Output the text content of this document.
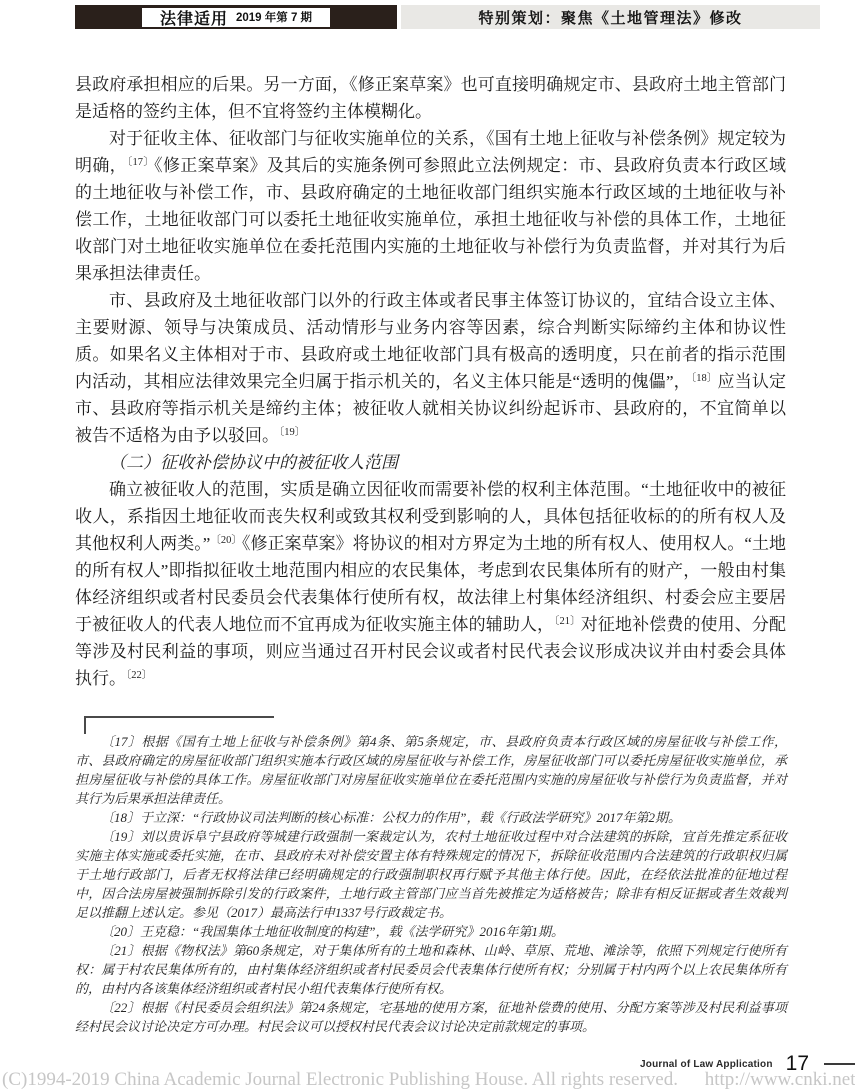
法律适用 2019 年第 7 期	特别策划：聚焦《土地管理法》修改

县政府承担相应的后果。另一方面，《修正案草案》也可直接明确规定市、县政府土地主管部门是适格的签约主体，但不宜将签约主体模糊化。

对于征收主体、征收部门与征收实施单位的关系，《国有土地上征收与补偿条例》规定较为明确，$^{〔17〕}$《修正案草案》及其后的实施条例可参照此立法例规定：市、县政府负责本行政区域的土地征收与补偿工作，市、县政府确定的土地征收部门组织实施本行政区域的土地征收与补偿工作，土地征收部门可以委托土地征收实施单位，承担土地征收与补偿的具体工作，土地征收部门对土地征收实施单位在委托范围内实施的土地征收与补偿行为负责监督，并对其行为后果承担法律责任。

市、县政府及土地征收部门以外的行政主体或者民事主体签订协议的，宜结合设立主体、主要财源、领导与决策成员、活动情形与业务内容等因素，综合判断实际缔约主体和协议性质。如果名义主体相对于市、县政府或土地征收部门具有极高的透明度，只在前者的指示范围内活动，其相应法律效果完全归属于指示机关的，名义主体只能是“透明的傀儡”，$^{〔18〕}$应当认定市、县政府等指示机关是缔约主体；被征收人就相关协议纠纷起诉市、县政府的，不宜简单以被告不适格为由予以驳回。$^{〔19〕}$

（二）征收补偿协议中的被征收人范围

确立被征收人的范围，实质是确立因征收而需要补偿的权利主体范围。“土地征收中的被征收人，系指因土地征收而丧失权利或致其权利受到影响的人，具体包括征收标的的所有权人及其他权利人两类。”$^{〔20〕}$《修正案草案》将协议的相对方界定为土地的所有权人、使用权人。“土地的所有权人”即指拟征收土地范围内相应的农民集体，考虑到农民集体所有的财产，一般由村集体经济组织或者村民委员会代表集体行使所有权，故法律上村集体经济组织、村委会应主要居于被征收人的代表人地位而不宜再成为征收实施主体的辅助人，$^{〔21〕}$对征地补偿费的使用、分配等涉及村民利益的事项，则应当通过召开村民会议或者村民代表会议形成决议并由村委会具体执行。$^{〔22〕}$

〔17〕根据《国有土地上征收与补偿条例》第4条、第5条规定，市、县政府负责本行政区域的房屋征收与补偿工作，市、县政府确定的房屋征收部门组织实施本行政区域的房屋征收与补偿工作，房屋征收部门可以委托房屋征收实施单位，承担房屋征收与补偿的具体工作。房屋征收部门对房屋征收实施单位在委托范围内实施的房屋征收与补偿行为负责监督，并对其行为后果承担法律责任。

〔18〕于立深：“行政协议司法判断的核心标准：公权力的作用”，载《行政法学研究》2017年第2期。

〔19〕刘以贵诉阜宁县政府等城建行政强制一案裁定认为，农村土地征收过程中对合法建筑的拆除，宜首先推定系征收实施主体实施或委托实施，在市、县政府未对补偿安置主体有特殊规定的情况下，拆除征收范围内合法建筑的行政职权归属于土地行政部门，后者无权将法律已经明确规定的行政强制职权再行赋予其他主体行使。因此，在经依法批准的征地过程中，因合法房屋被强制拆除引发的行政案件，土地行政主管部门应当首先被推定为适格被告；除非有相反证据或者生效裁判足以推翻上述认定。参见（2017）最高法行申1337号行政裁定书。

〔20〕王克稳：“我国集体土地征收制度的构建”，载《法学研究》2016年第1期。

〔21〕根据《物权法》第60条规定，对于集体所有的土地和森林、山岭、草原、荒地、滩涂等，依照下列规定行使所有权：属于村农民集体所有的，由村集体经济组织或者村民委员会代表集体行使所有权；分别属于村内两个以上农民集体所有的，由村内各该集体经济组织或者村民小组代表集体行使所有权。

〔22〕根据《村民委员会组织法》第24条规定，宅基地的使用方案，征地补偿费的使用、分配方案等涉及村民利益事项经村民会议讨论决定方可办理。村民会议可以授权村民代表会议讨论决定前款规定的事项。

Journal of Law Application 17
(C)1994-2019 China Academic Journal Electronic Publishing House. All rights reserved. http://www.cnki.net
